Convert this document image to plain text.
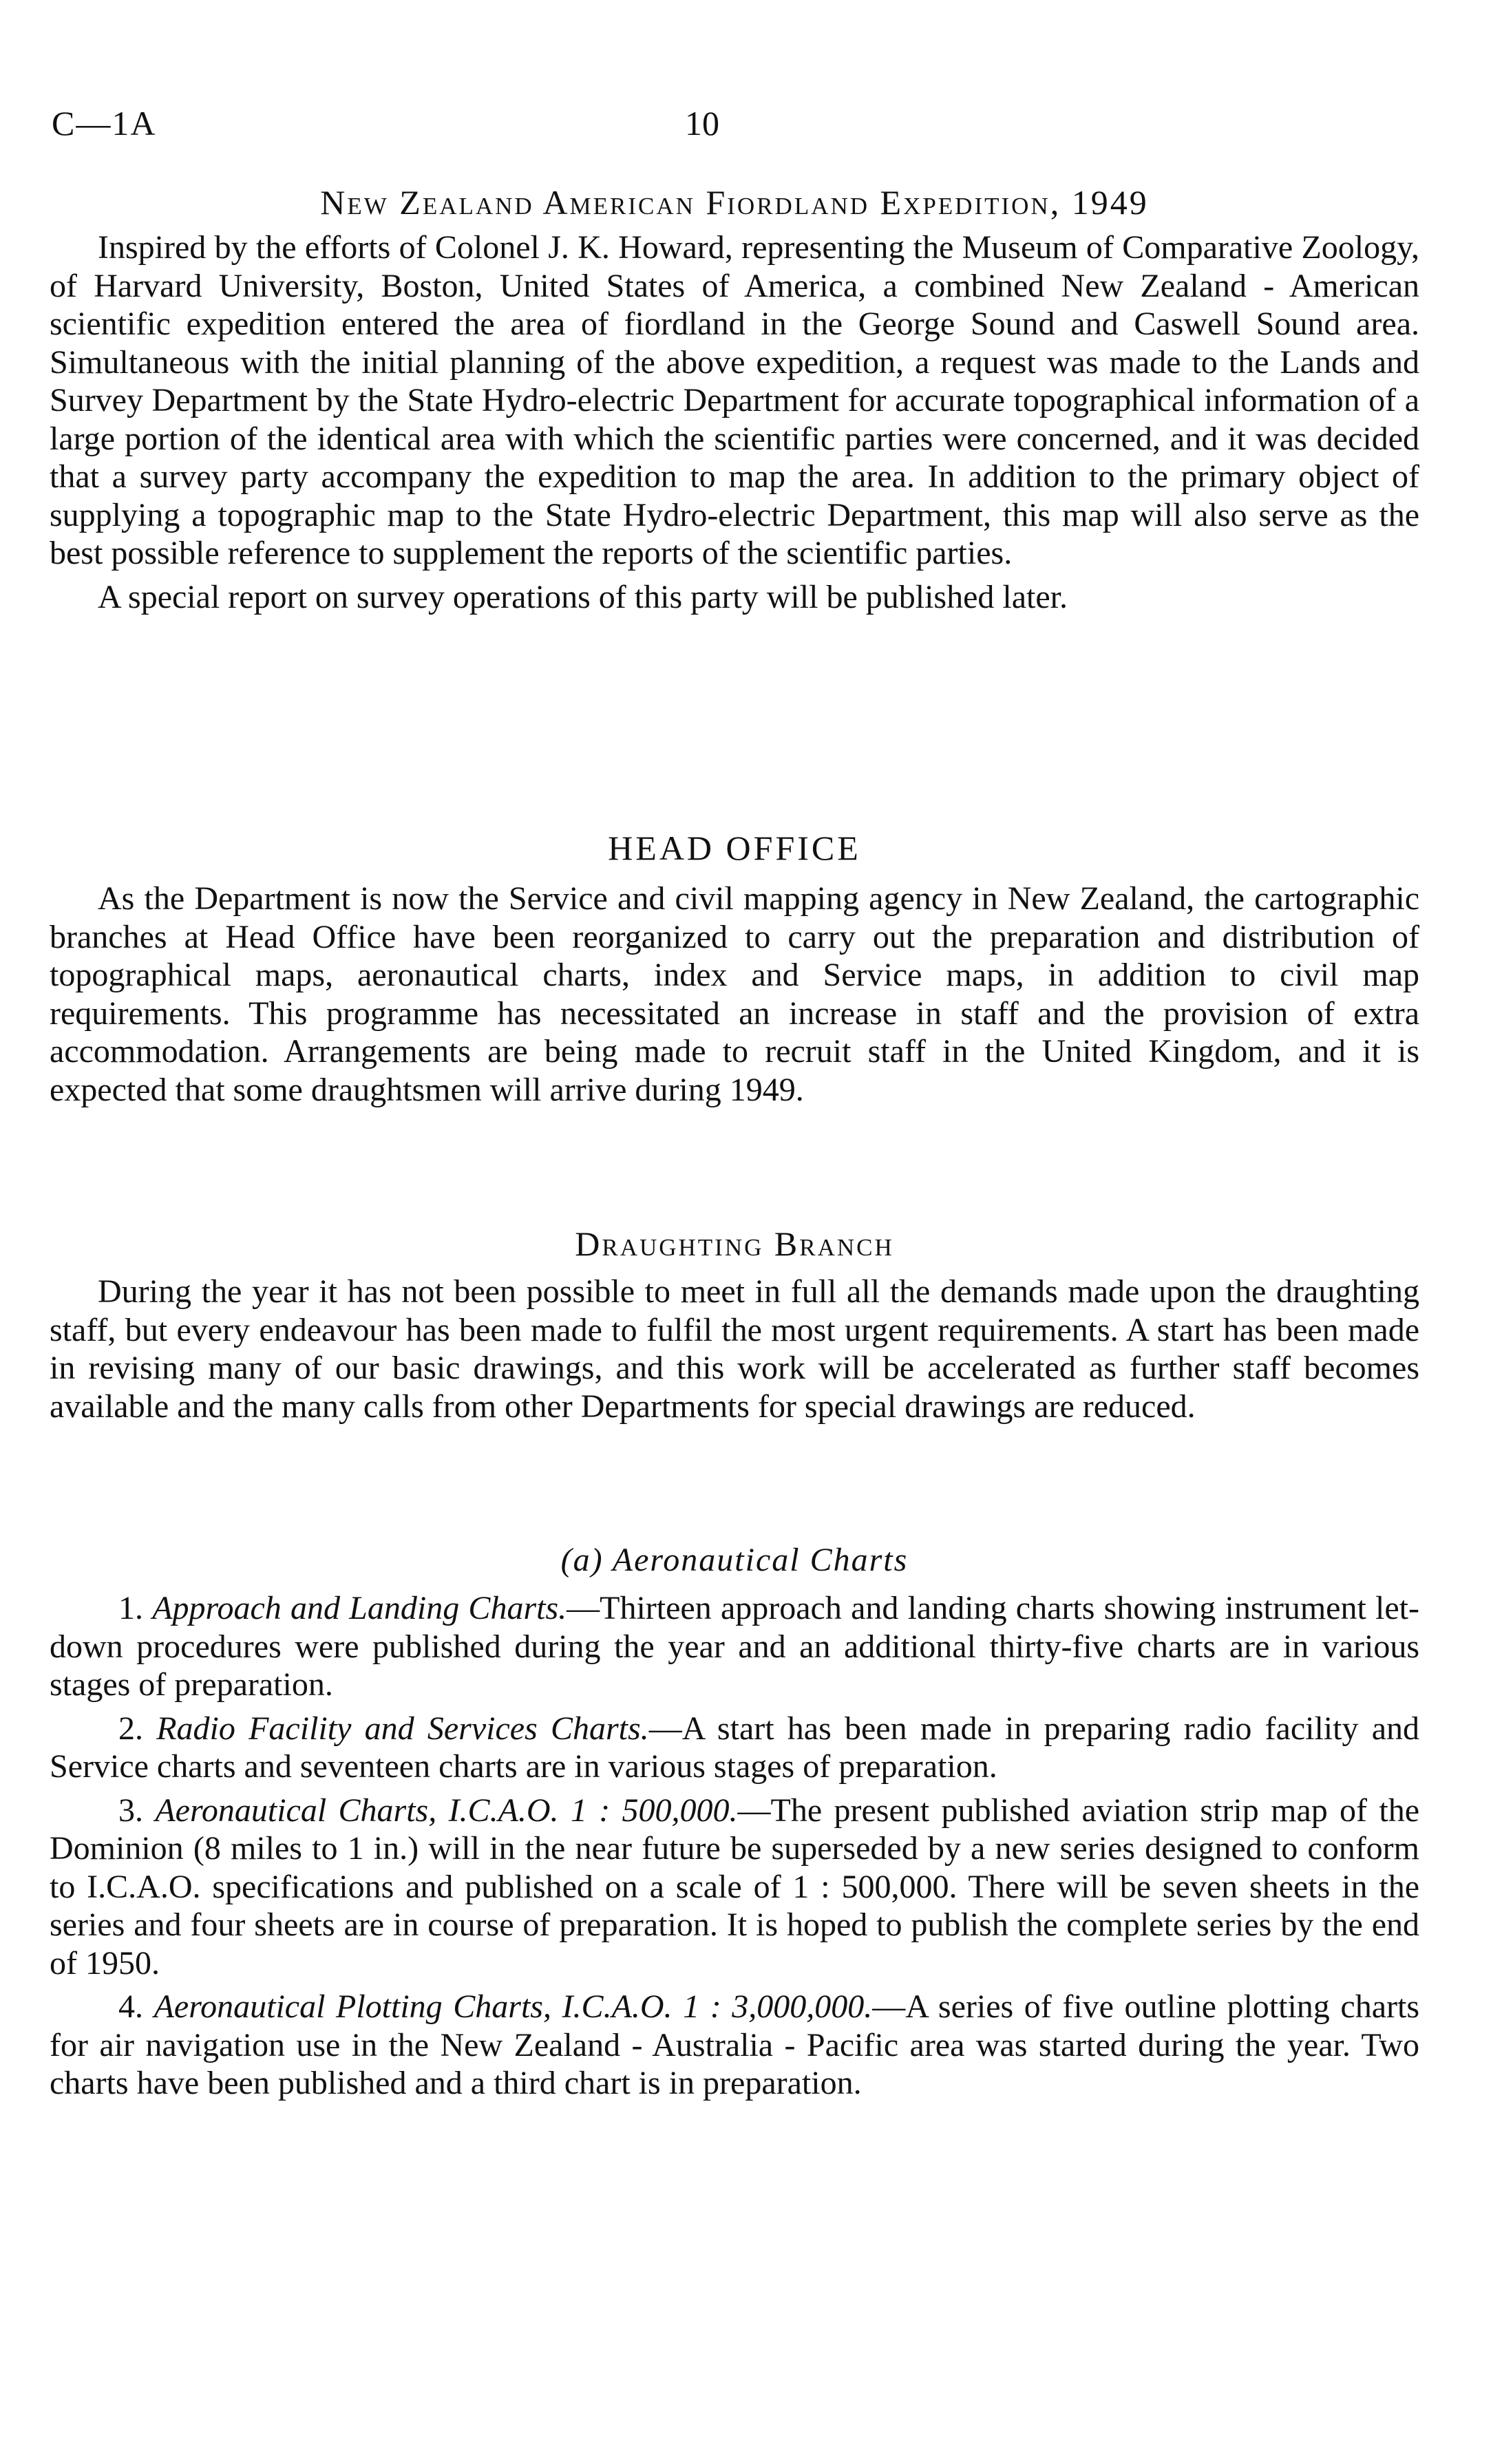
C—1A	10
New Zealand American Fiordland Expedition, 1949

Inspired by the efforts of Colonel J. K. Howard, representing the Museum of Comparative Zoology, of Harvard University, Boston, United States of America, a combined New Zealand - American scientific expedition entered the area of fiordland in the George Sound and Caswell Sound area. Simultaneous with the initial planning of the above expedition, a request was made to the Lands and Survey Department by the State Hydro-electric Department for accurate topographical information of a large portion of the identical area with which the scientific parties were concerned, and it was decided that a survey party accompany the expedition to map the area. In addition to the primary object of supplying a topographic map to the State Hydro-electric Department, this map will also serve as the best possible reference to supplement the reports of the scientific parties.

A special report on survey operations of this party will be published later.

HEAD OFFICE

As the Department is now the Service and civil mapping agency in New Zealand, the cartographic branches at Head Office have been reorganized to carry out the preparation and distribution of topographical maps, aeronautical charts, index and Service maps, in addition to civil map requirements. This programme has necessitated an increase in staff and the provision of extra accommodation. Arrangements are being made to recruit staff in the United Kingdom, and it is expected that some draughtsmen will arrive during 1949.

Draughting Branch

During the year it has not been possible to meet in full all the demands made upon the draughting staff, but every endeavour has been made to fulfil the most urgent requirements. A start has been made in revising many of our basic drawings, and this work will be accelerated as further staff becomes available and the many calls from other Departments for special drawings are reduced.

(a) Aeronautical Charts

1. Approach and Landing Charts.—Thirteen approach and landing charts showing instrument let-down procedures were published during the year and an additional thirty-five charts are in various stages of preparation.

2. Radio Facility and Services Charts.—A start has been made in preparing radio facility and Service charts and seventeen charts are in various stages of preparation.

3. Aeronautical Charts, I.C.A.O. 1 : 500,000.—The present published aviation strip map of the Dominion (8 miles to 1 in.) will in the near future be superseded by a new series designed to conform to I.C.A.O. specifications and published on a scale of 1 : 500,000. There will be seven sheets in the series and four sheets are in course of preparation. It is hoped to publish the complete series by the end of 1950.

4. Aeronautical Plotting Charts, I.C.A.O. 1 : 3,000,000.—A series of five outline plotting charts for air navigation use in the New Zealand - Australia - Pacific area was started during the year. Two charts have been published and a third chart is in preparation.
